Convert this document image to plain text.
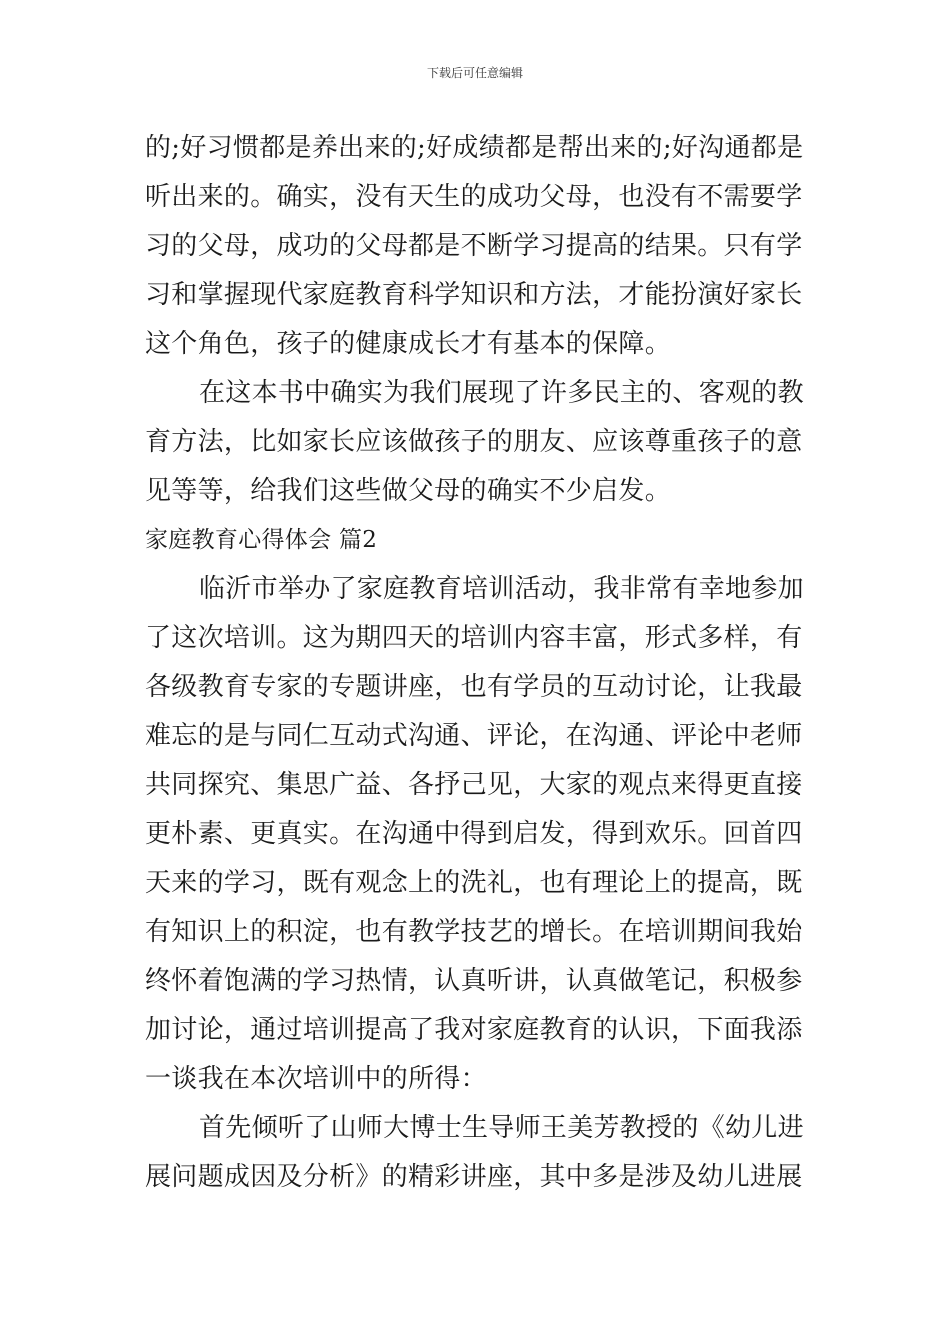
下载后可任意编辑
的;好习惯都是养出来的;好成绩都是帮出来的;好沟通都是
听出来的。确实，没有天生的成功父母，也没有不需要学
习的父母，成功的父母都是不断学习提高的结果。只有学
习和掌握现代家庭教育科学知识和方法，才能扮演好家长
这个角色，孩子的健康成长才有基本的保障。
在这本书中确实为我们展现了许多民主的、客观的教
育方法，比如家长应该做孩子的朋友、应该尊重孩子的意
见等等，给我们这些做父母的确实不少启发。
家庭教育心得体会 篇2
临沂市举办了家庭教育培训活动，我非常有幸地参加
了这次培训。这为期四天的培训内容丰富，形式多样，有
各级教育专家的专题讲座，也有学员的互动讨论，让我最
难忘的是与同仁互动式沟通、评论，在沟通、评论中老师
共同探究、集思广益、各抒己见，大家的观点来得更直接
更朴素、更真实。在沟通中得到启发，得到欢乐。回首四
天来的学习，既有观念上的洗礼，也有理论上的提高，既
有知识上的积淀，也有教学技艺的增长。在培训期间我始
终怀着饱满的学习热情，认真听讲，认真做笔记，积极参
加讨论，通过培训提高了我对家庭教育的认识，下面我添
一谈我在本次培训中的所得：
首先倾听了山师大博士生导师王美芳教授的《幼儿进
展问题成因及分析》的精彩讲座，其中多是涉及幼儿进展
